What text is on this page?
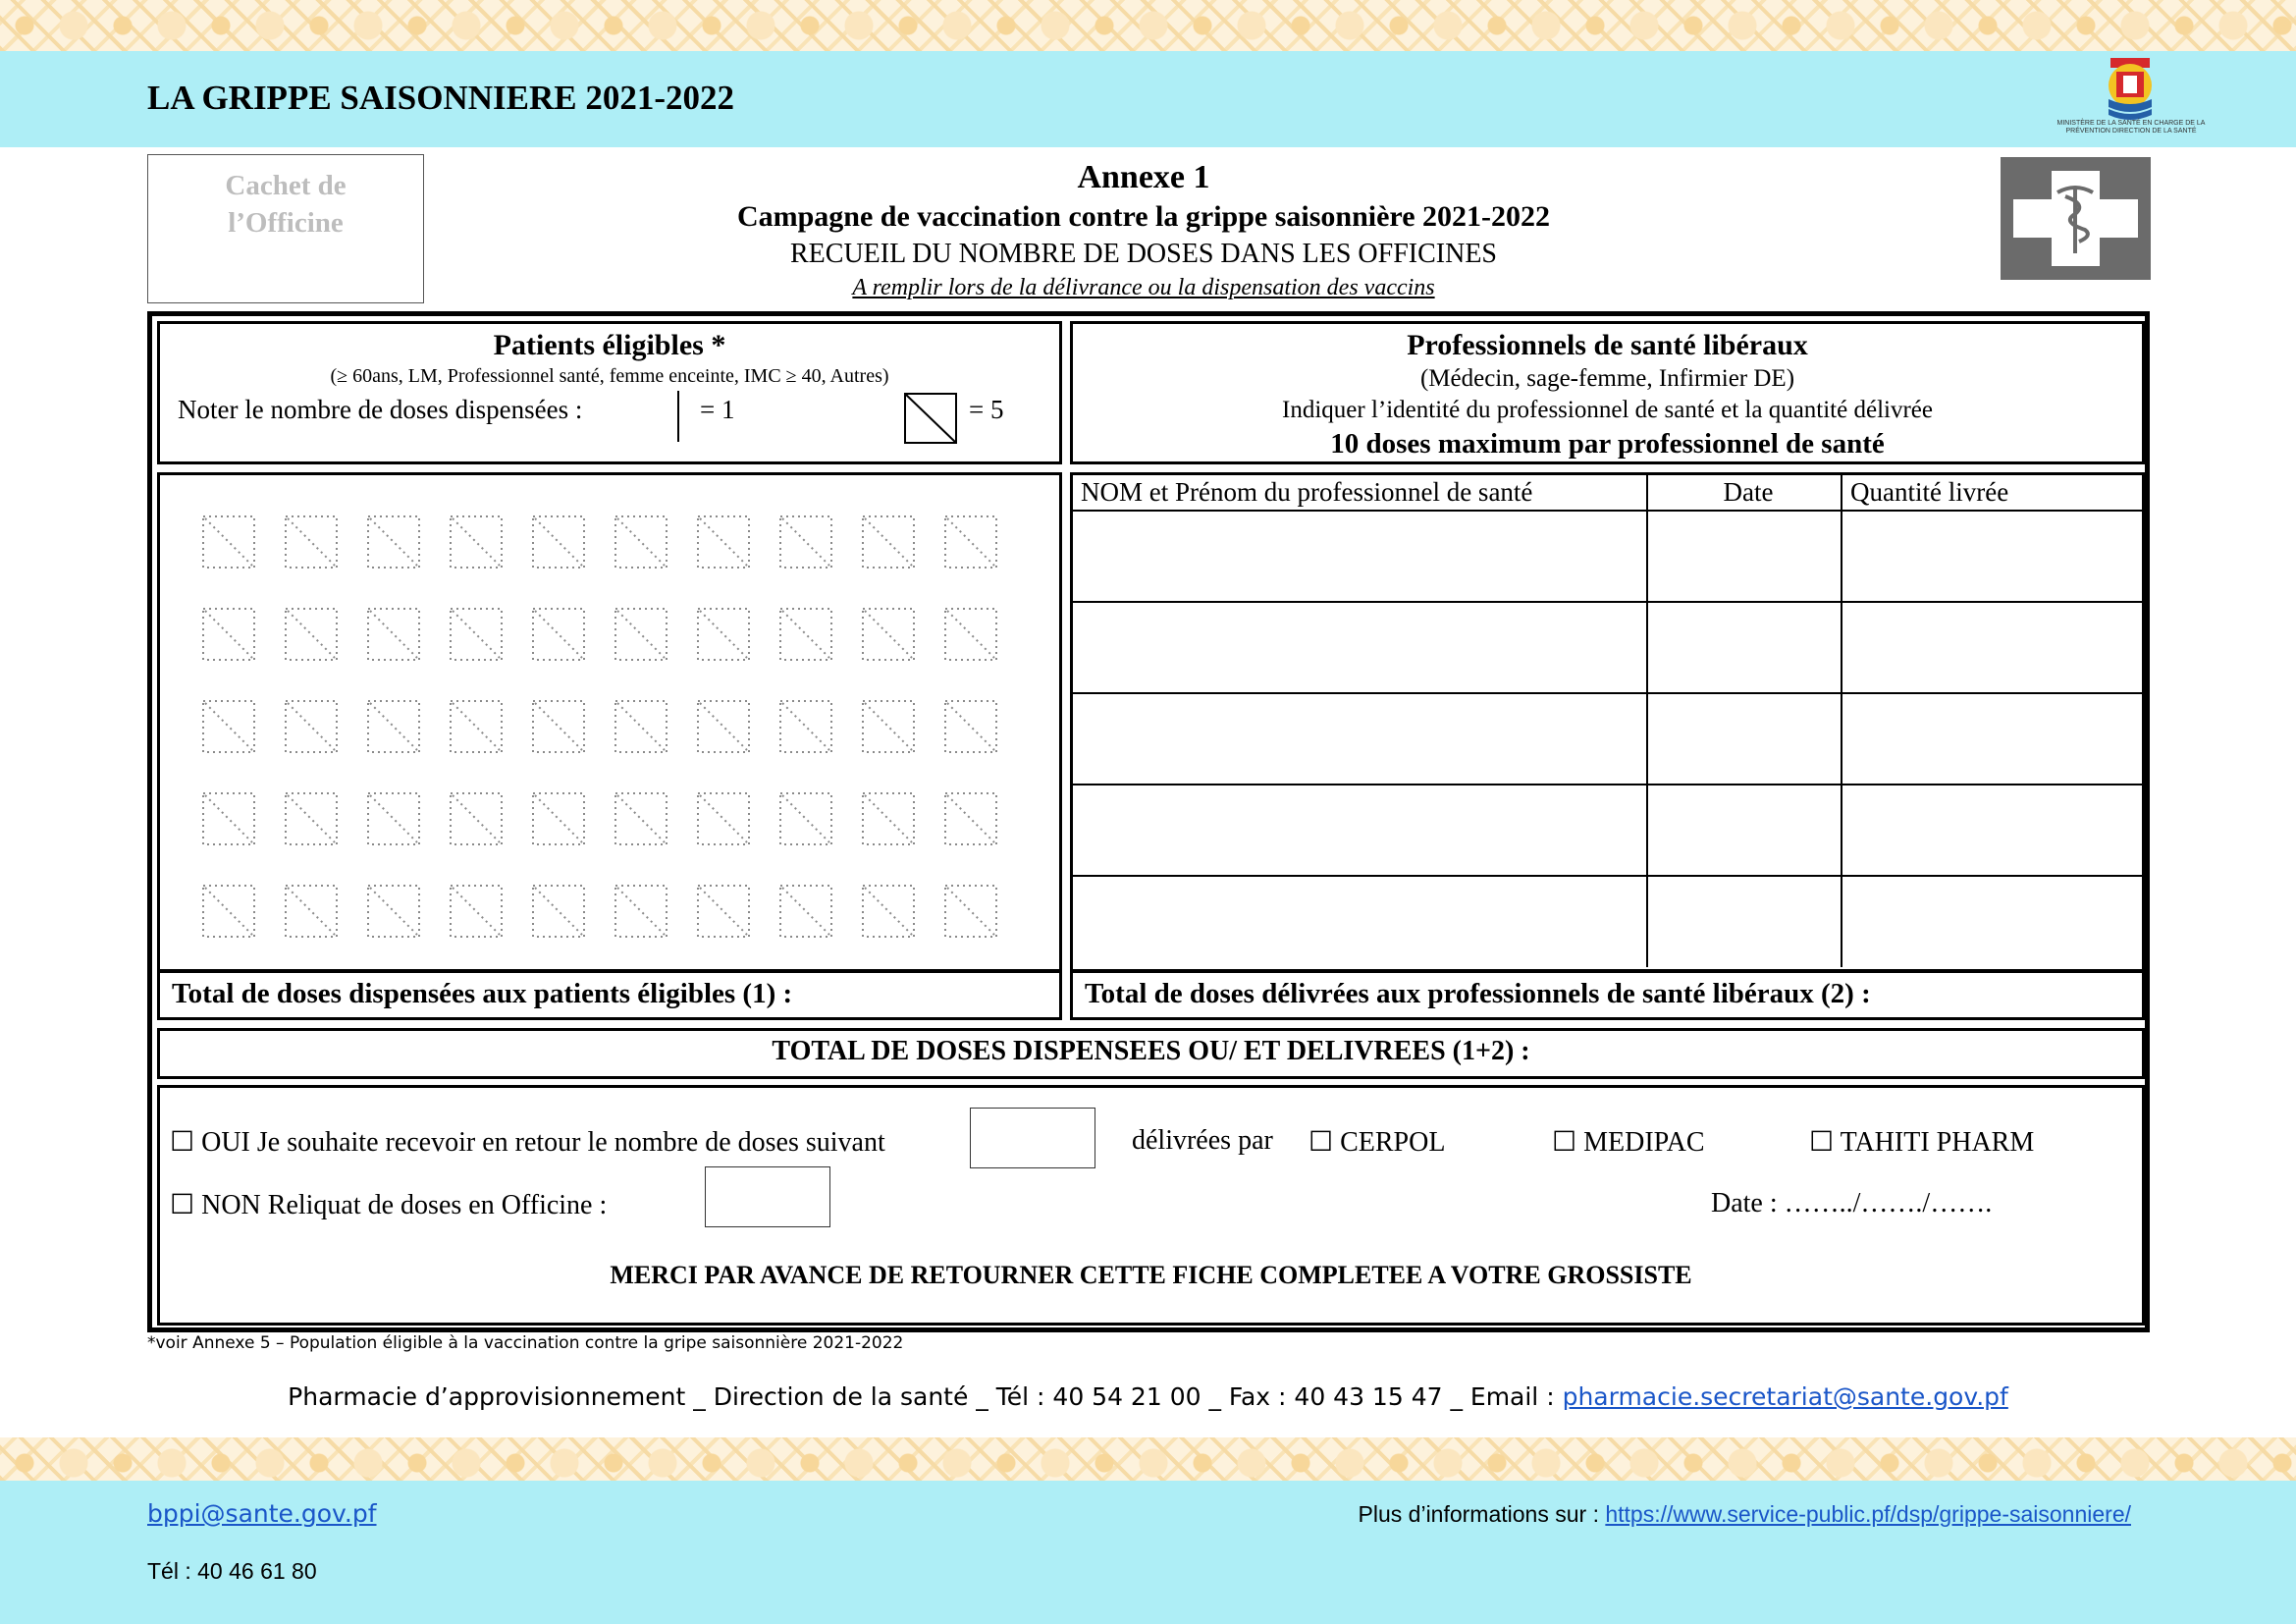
LA GRIPPE SAISONNIERE 2021-2022
MINISTÈRE DE LA SANTÉ EN CHARGE DE LA PRÉVENTION DIRECTION DE LA SANTÉ
Cachet de
l’Officine
Annexe 1
Campagne de vaccination contre la grippe saisonnière 2021-2022
RECUEIL DU NOMBRE DE DOSES DANS LES OFFICINES
A remplir lors de la délivrance ou la dispensation des vaccins
Patients éligibles *
(≥ 60ans, LM, Professionnel santé, femme enceinte, IMC ≥ 40, Autres)
Noter le nombre de doses dispensées :	= 1	= 5
Professionnels de santé libéraux
(Médecin, sage-femme, Infirmier DE)
Indiquer l’identité du professionnel de santé et la quantité délivrée
10 doses maximum par professionnel de santé
NOM et Prénom du professionnel de santé	Date	Quantité livrée

Total de doses dispensées aux patients éligibles (1) :	Total de doses délivrées aux professionnels de santé libéraux (2) :
TOTAL DE DOSES DISPENSEES OU/ ET DELIVREES (1+2) :
☐ OUI Je souhaite recevoir en retour le nombre de doses suivant	délivrées par ☐ CERPOL	☐ MEDIPAC	☐ TAHITI PHARM
☐ NON Reliquat de doses en Officine :	Date : ……../……./…….
MERCI PAR AVANCE DE RETOURNER CETTE FICHE COMPLETEE A VOTRE GROSSISTE
*voir Annexe 5 – Population éligible à la vaccination contre la gripe saisonnière 2021-2022
Pharmacie d’approvisionnement _ Direction de la santé _ Tél : 40 54 21 00 _ Fax : 40 43 15 47 _ Email : pharmacie.secretariat@sante.gov.pf
bppi@sante.gov.pf
Tél : 40 46 61 80
Plus d’informations sur : https://www.service-public.pf/dsp/grippe-saisonniere/
